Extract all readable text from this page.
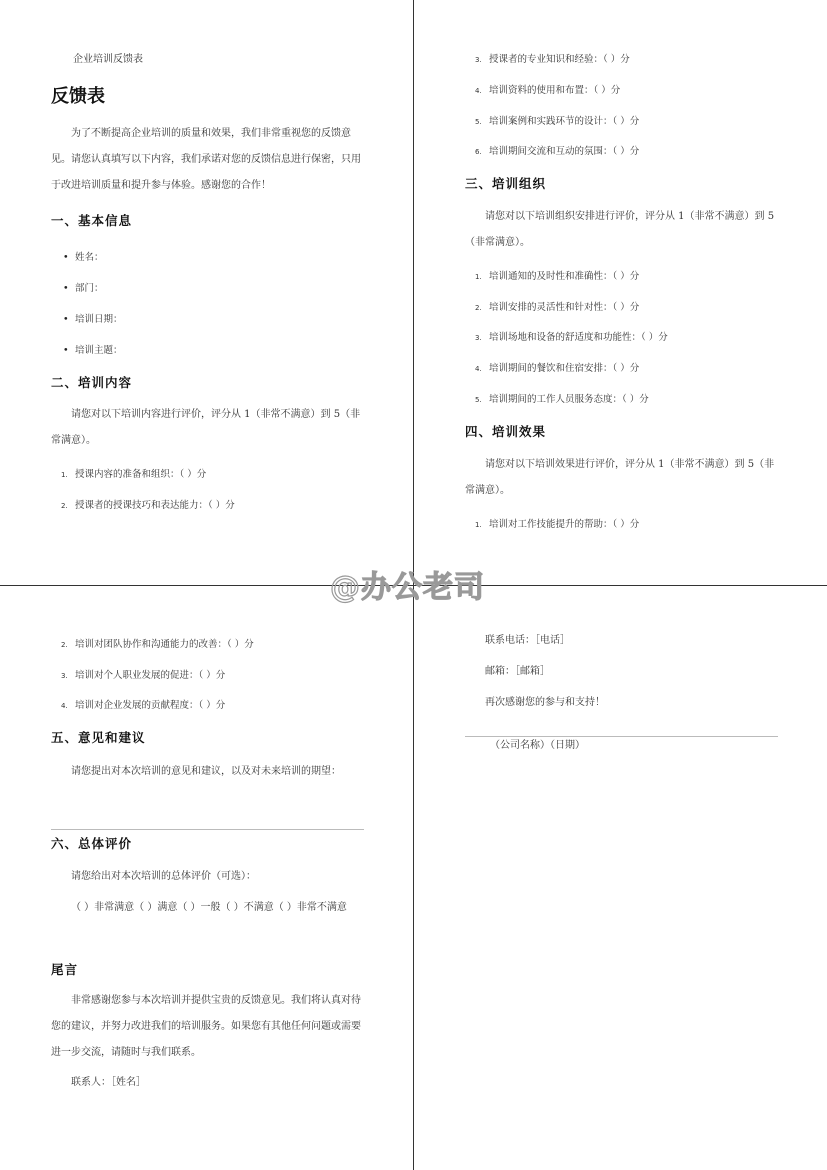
企业培训反馈表
反馈表
为了不断提高企业培训的质量和效果，我们非常重视您的反馈意见。请您认真填写以下内容，我们承诺对您的反馈信息进行保密，只用于改进培训质量和提升参与体验。感谢您的合作！
一、基本信息
• 姓名：
• 部门：
• 培训日期：
• 培训主题：
二、培训内容
请您对以下培训内容进行评价，评分从 1（非常不满意）到 5（非常满意）。
1. 授课内容的准备和组织：（ ）分
2. 授课者的授课技巧和表达能力：（ ）分
3. 授课者的专业知识和经验：（ ）分
4. 培训资料的使用和布置：（ ）分
5. 培训案例和实践环节的设计：（ ）分
6. 培训期间交流和互动的氛围：（ ）分
三、培训组织
请您对以下培训组织安排进行评价，评分从 1（非常不满意）到 5（非常满意）。
1. 培训通知的及时性和准确性：（ ）分
2. 培训安排的灵活性和针对性：（ ）分
3. 培训场地和设备的舒适度和功能性：（ ）分
4. 培训期间的餐饮和住宿安排：（ ）分
5. 培训期间的工作人员服务态度：（ ）分
四、培训效果
请您对以下培训效果进行评价，评分从 1（非常不满意）到 5（非常满意）。
1. 培训对工作技能提升的帮助：（ ）分
2. 培训对团队协作和沟通能力的改善：（ ）分
3. 培训对个人职业发展的促进：（ ）分
4. 培训对企业发展的贡献程度：（ ）分
五、意见和建议
请您提出对本次培训的意见和建议，以及对未来培训的期望：
六、总体评价
请您给出对本次培训的总体评价（可选）：
（ ）非常满意（ ）满意（ ）一般（ ）不满意（ ）非常不满意
尾言
非常感谢您参与本次培训并提供宝贵的反馈意见。我们将认真对待您的建议，并努力改进我们的培训服务。如果您有其他任何问题或需要进一步交流，请随时与我们联系。
联系人：［姓名］
联系电话：［电话］
邮箱：［邮箱］
再次感谢您的参与和支持！
（公司名称）（日期）
@办公老司
